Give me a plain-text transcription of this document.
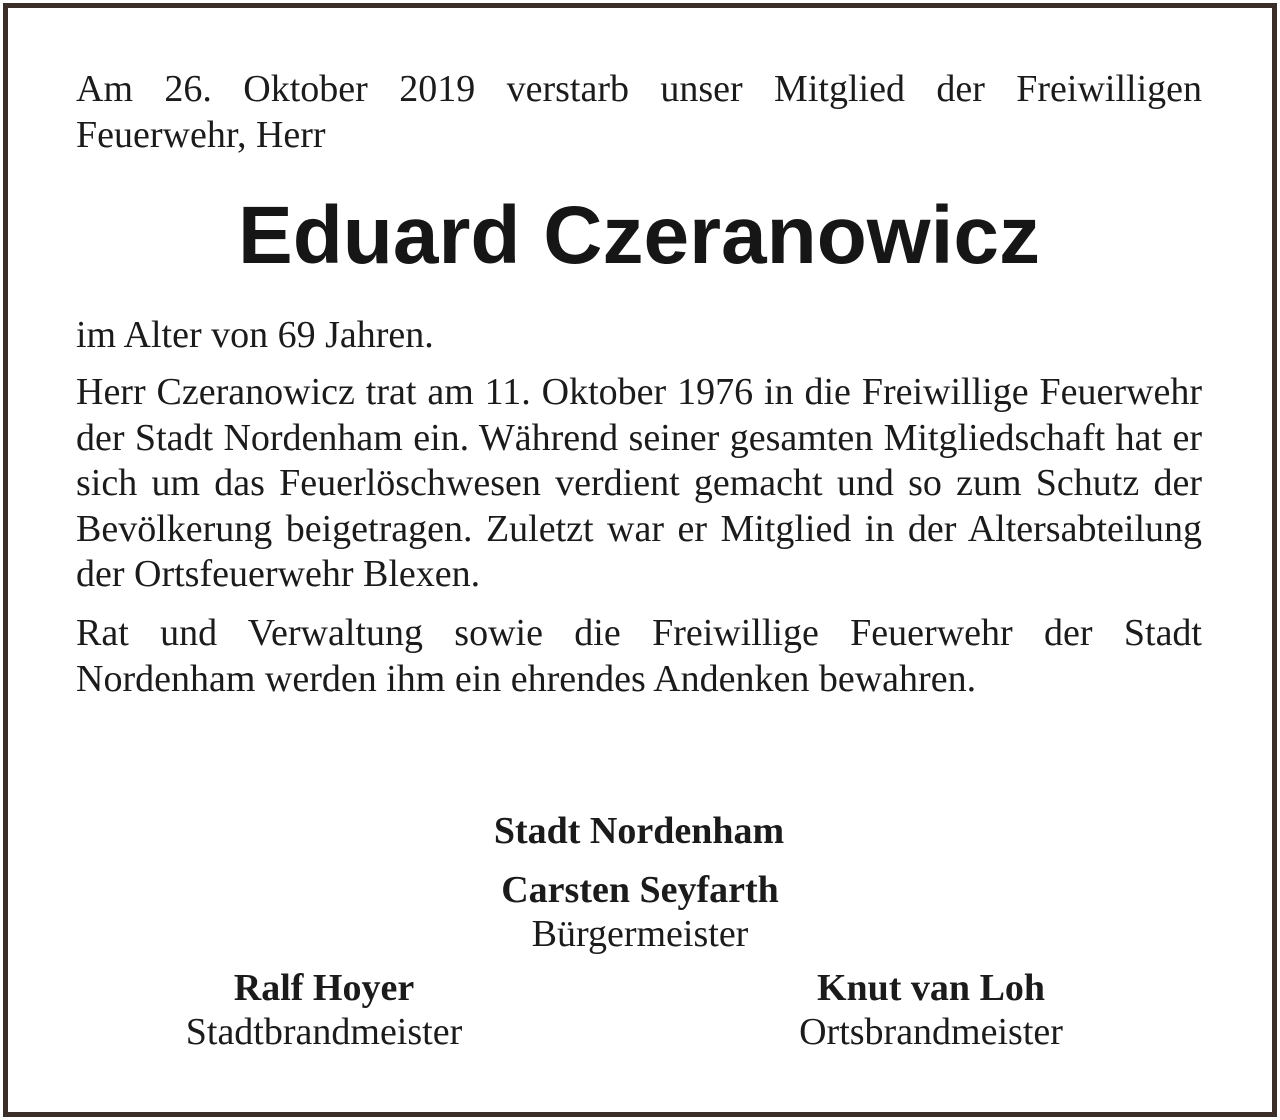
Am 26. Oktober 2019 verstarb unser Mitglied der Freiwilligen Feuerwehr, Herr

Eduard Czeranowicz

im Alter von 69 Jahren.

Herr Czeranowicz trat am 11. Oktober 1976 in die Freiwillige Feuerwehr der Stadt Nordenham ein. Während seiner gesamten Mitgliedschaft hat er sich um das Feuerlöschwesen verdient gemacht und so zum Schutz der Bevölkerung beigetragen. Zuletzt war er Mitglied in der Altersabteilung der Ortsfeuerwehr Blexen.

Rat und Verwaltung sowie die Freiwillige Feuerwehr der Stadt Nordenham werden ihm ein ehrendes Andenken bewahren.

Stadt Nordenham

Carsten Seyfarth
Bürgermeister
Ralf Hoyer
Stadtbrandmeister
Knut van Loh
Ortsbrandmeister
